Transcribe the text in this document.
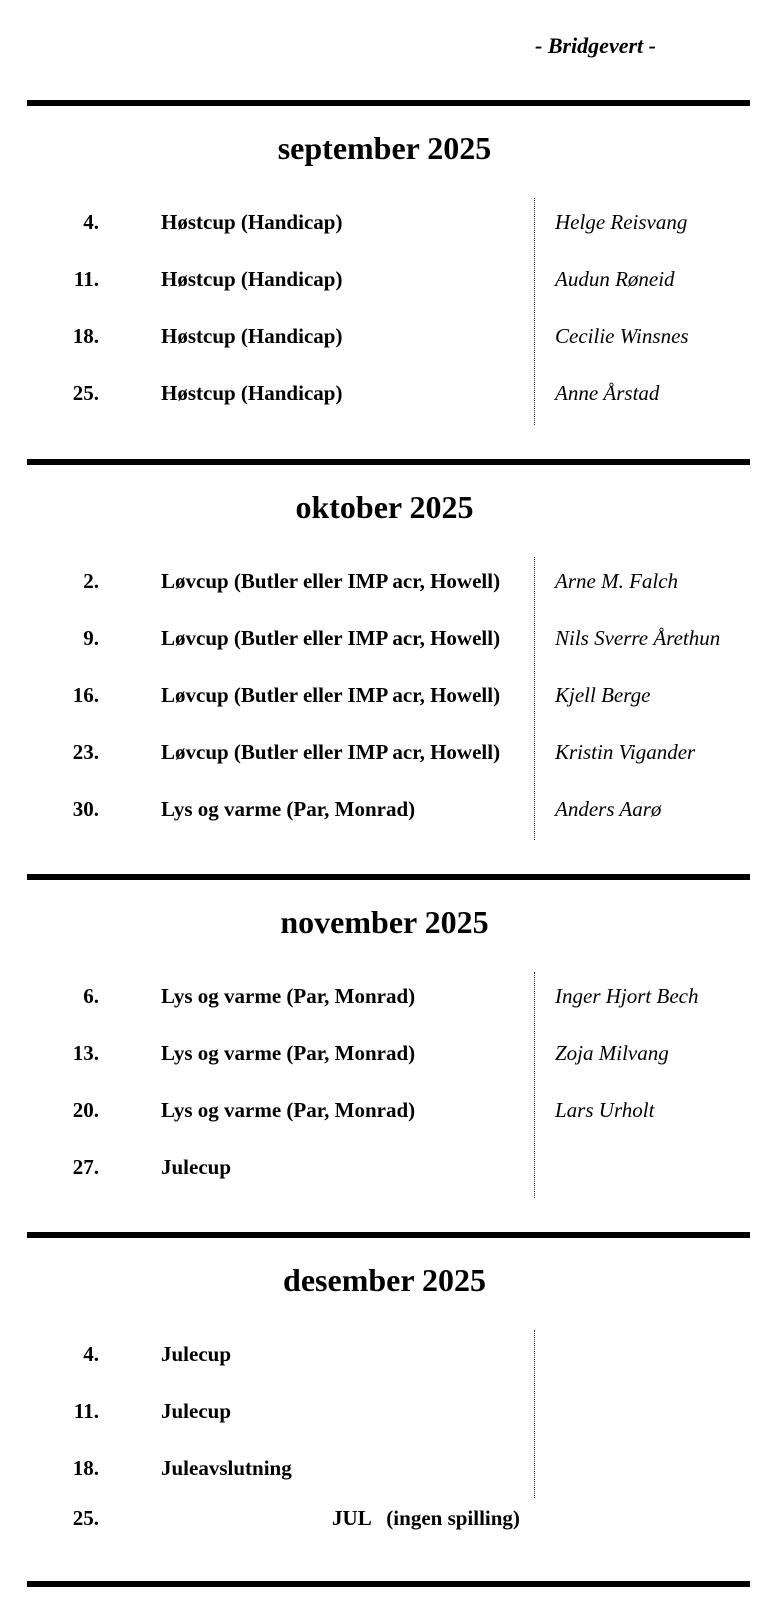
- Bridgevert -
september 2025
4.	Høstcup (Handicap)	Helge Reisvang
11.	Høstcup (Handicap)	Audun Røneid
18.	Høstcup (Handicap)	Cecilie Winsnes
25.	Høstcup (Handicap)	Anne Årstad
oktober 2025
2.	Løvcup (Butler eller IMP acr, Howell)	Arne M. Falch
9.	Løvcup (Butler eller IMP acr, Howell)	Nils Sverre Årethun
16.	Løvcup (Butler eller IMP acr, Howell)	Kjell Berge
23.	Løvcup (Butler eller IMP acr, Howell)	Kristin Vigander
30.	Lys og varme (Par, Monrad)	Anders Aarø
november 2025
6.	Lys og varme (Par, Monrad)	Inger Hjort Bech
13.	Lys og varme (Par, Monrad)	Zoja Milvang
20.	Lys og varme (Par, Monrad)	Lars Urholt
27.	Julecup
desember 2025
4.	Julecup
11.	Julecup
18.	Juleavslutning
25.	JUL   (ingen spilling)
